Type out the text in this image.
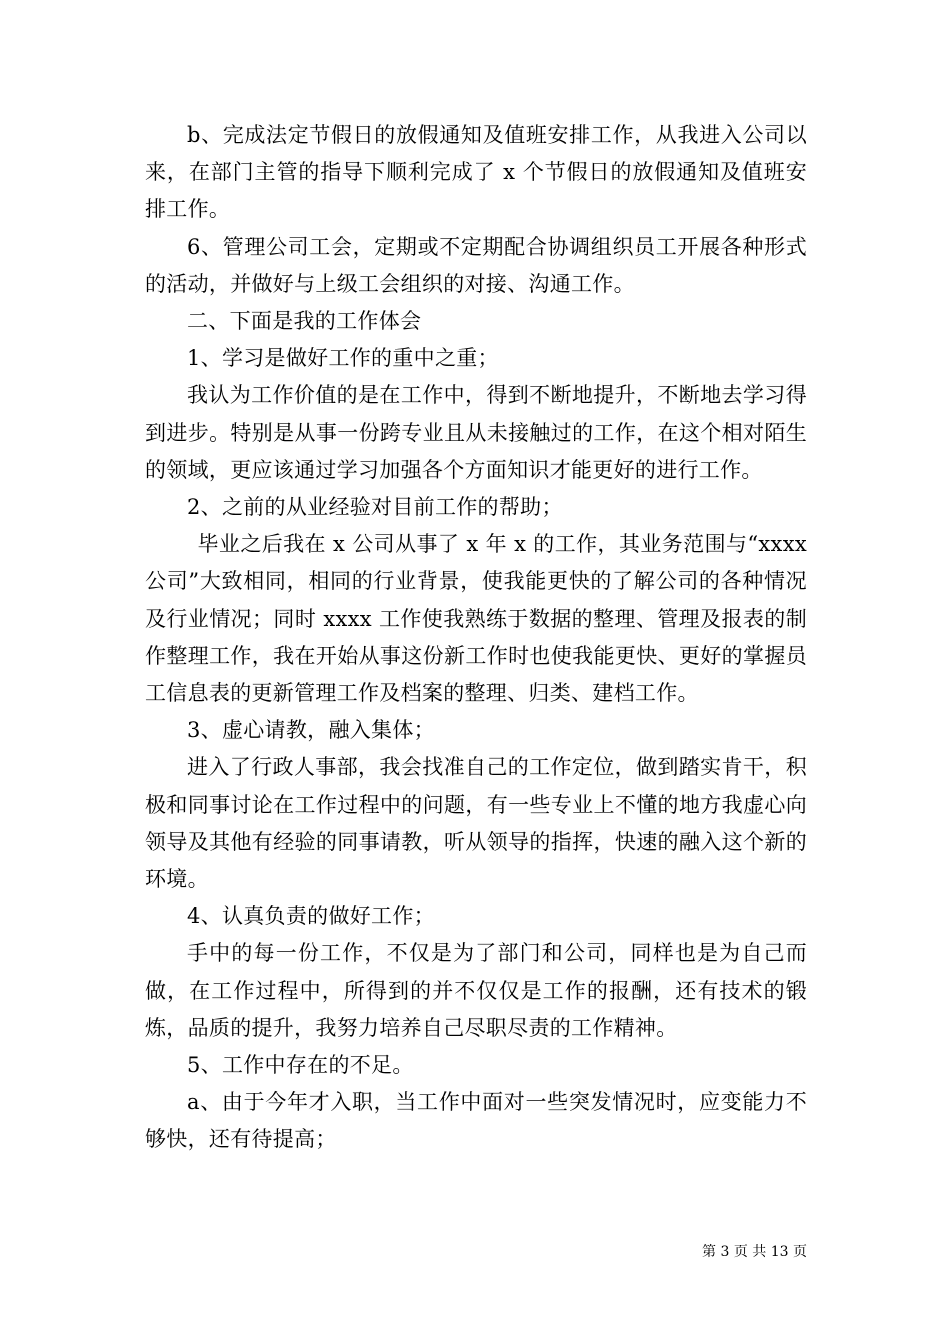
b、完成法定节假日的放假通知及值班安排工作，从我进入公司以来，在部门主管的指导下顺利完成了 x 个节假日的放假通知及值班安排工作。

6、管理公司工会，定期或不定期配合协调组织员工开展各种形式的活动，并做好与上级工会组织的对接、沟通工作。

二、下面是我的工作体会

1、学习是做好工作的重中之重；

我认为工作价值的是在工作中，得到不断地提升，不断地去学习得到进步。特别是从事一份跨专业且从未接触过的工作，在这个相对陌生的领域，更应该通过学习加强各个方面知识才能更好的进行工作。

2、之前的从业经验对目前工作的帮助；

毕业之后我在 x 公司从事了 x 年 x 的工作，其业务范围与“xxxx 公司”大致相同，相同的行业背景，使我能更快的了解公司的各种情况及行业情况；同时 xxxx 工作使我熟练于数据的整理、管理及报表的制作整理工作，我在开始从事这份新工作时也使我能更快、更好的掌握员工信息表的更新管理工作及档案的整理、归类、建档工作。

3、虚心请教，融入集体；

进入了行政人事部，我会找准自己的工作定位，做到踏实肯干，积极和同事讨论在工作过程中的问题，有一些专业上不懂的地方我虚心向领导及其他有经验的同事请教，听从领导的指挥，快速的融入这个新的环境。

4、认真负责的做好工作；

手中的每一份工作，不仅是为了部门和公司，同样也是为自己而做，在工作过程中，所得到的并不仅仅是工作的报酬，还有技术的锻炼，品质的提升，我努力培养自己尽职尽责的工作精神。

5、工作中存在的不足。

a、由于今年才入职，当工作中面对一些突发情况时，应变能力不够快，还有待提高；

第 3 页 共 13 页
